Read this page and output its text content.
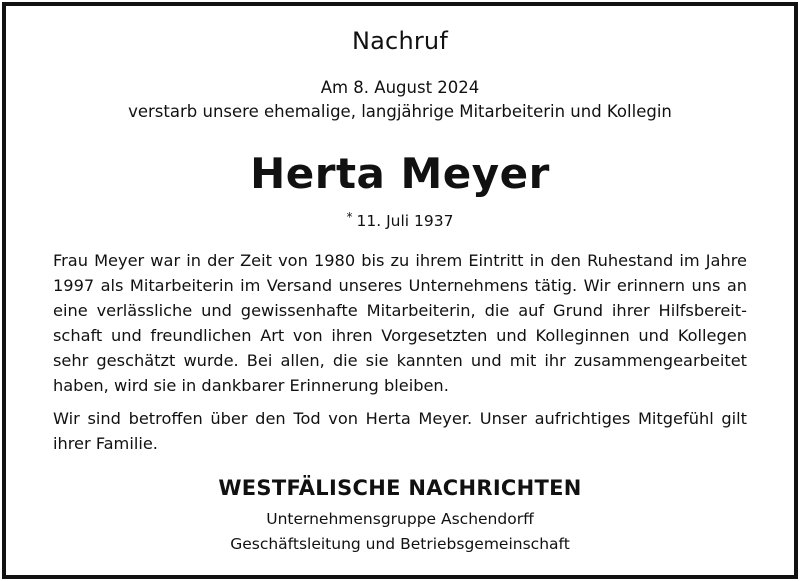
Nachruf
Am 8. August 2024
verstarb unsere ehemalige, langjährige Mitarbeiterin und Kollegin
Herta Meyer
* 11. Juli 1937
Frau Meyer war in der Zeit von 1980 bis zu ihrem Eintritt in den Ruhestand im Jahre 1997 als Mitarbeiterin im Versand unseres Unternehmens tätig. Wir erinnern uns an eine verlässliche und gewissenhafte Mitarbeiterin, die auf Grund ihrer Hilfsbereitschaft und freundlichen Art von ihren Vorgesetzten und Kolleginnen und Kollegen sehr geschätzt wurde. Bei allen, die sie kannten und mit ihr zusammengearbeitet haben, wird sie in dankbarer Erinnerung bleiben.
Wir sind betroffen über den Tod von Herta Meyer. Unser aufrichtiges Mitgefühl gilt ihrer Familie.
WESTFÄLISCHE NACHRICHTEN
Unternehmensgruppe Aschendorff
Geschäftsleitung und Betriebsgemeinschaft
